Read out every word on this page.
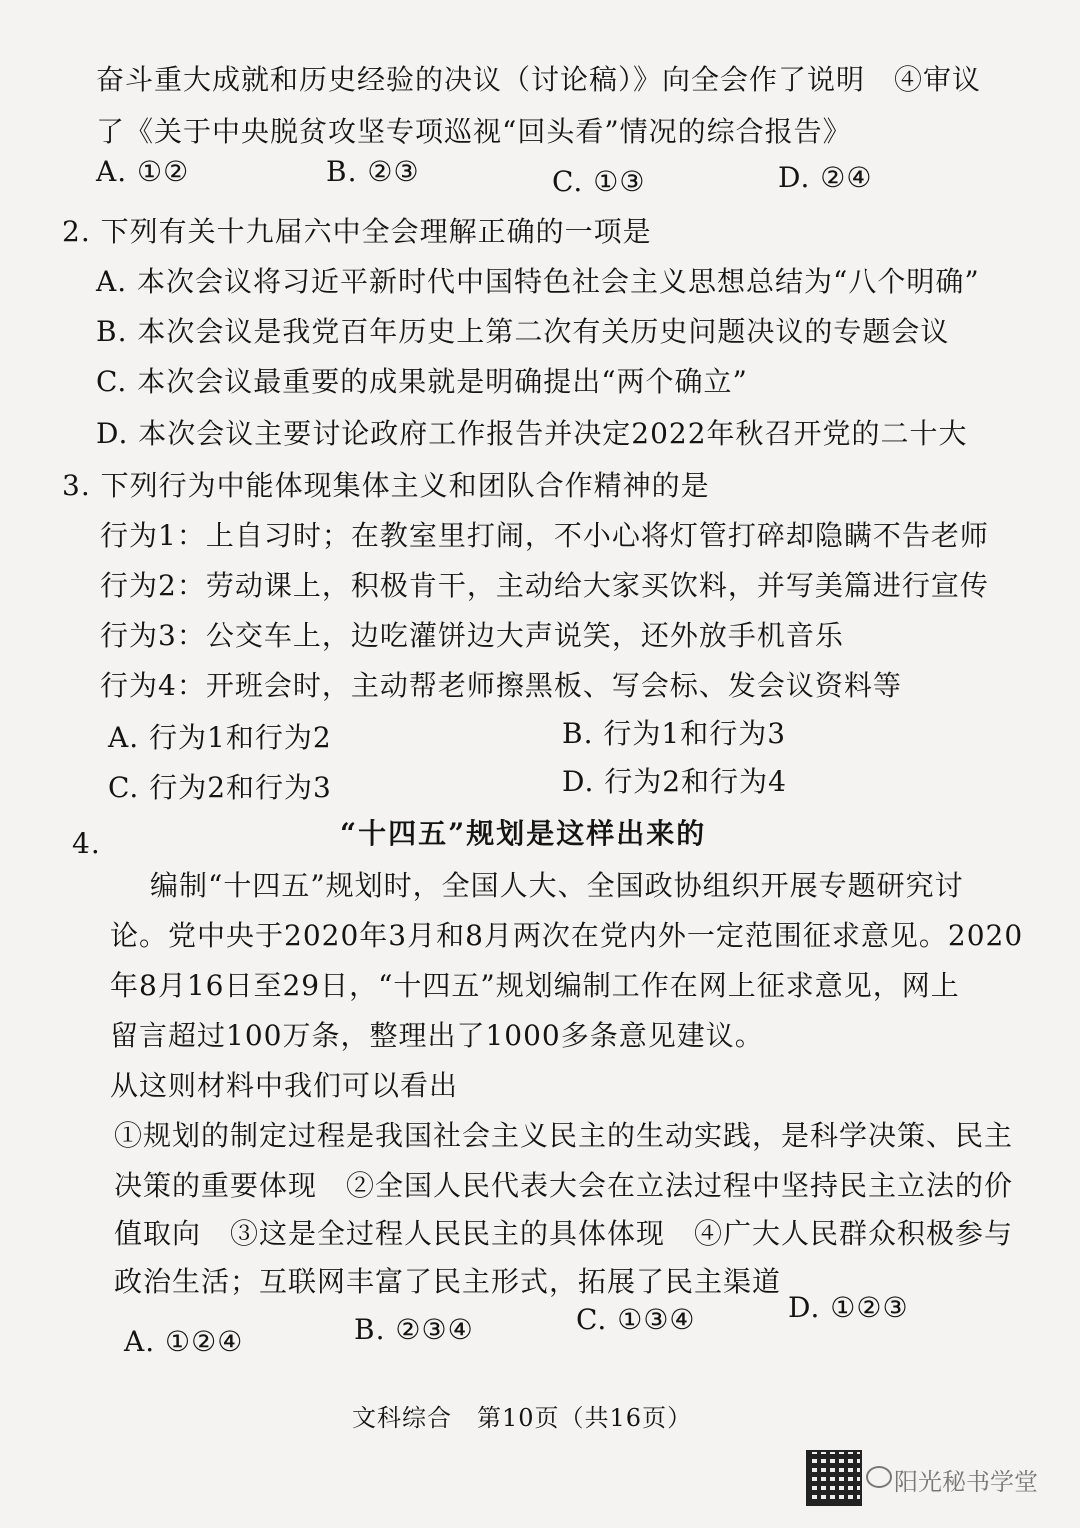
奋斗重大成就和历史经验的决议（讨论稿）》向全会作了说明　④审议
了《关于中央脱贫攻坚专项巡视“回头看”情况的综合报告》
A. ①②	B. ②③	C. ①③	D. ②④
2. 下列有关十九届六中全会理解正确的一项是
A. 本次会议将习近平新时代中国特色社会主义思想总结为“八个明确”
B. 本次会议是我党百年历史上第二次有关历史问题决议的专题会议
C. 本次会议最重要的成果就是明确提出“两个确立”
D. 本次会议主要讨论政府工作报告并决定2022年秋召开党的二十大
3. 下列行为中能体现集体主义和团队合作精神的是
行为1：上自习时；在教室里打闹，不小心将灯管打碎却隐瞒不告老师
行为2：劳动课上，积极肯干，主动给大家买饮料，并写美篇进行宣传
行为3：公交车上，边吃灌饼边大声说笑，还外放手机音乐
行为4：开班会时，主动帮老师擦黑板、写会标、发会议资料等
A. 行为1和行为2	B. 行为1和行为3
C. 行为2和行为3	D. 行为2和行为4
4.	“十四五”规划是这样出来的
编制“十四五”规划时，全国人大、全国政协组织开展专题研究讨
论。党中央于2020年3月和8月两次在党内外一定范围征求意见。2020
年8月16日至29日，“十四五”规划编制工作在网上征求意见，网上
留言超过100万条，整理出了1000多条意见建议。
从这则材料中我们可以看出
①规划的制定过程是我国社会主义民主的生动实践，是科学决策、民主
决策的重要体现　②全国人民代表大会在立法过程中坚持民主立法的价
值取向　③这是全过程人民民主的具体体现　④广大人民群众积极参与
政治生活；互联网丰富了民主形式，拓展了民主渠道
A. ①②④	B. ②③④	C. ①③④	D. ①②③
文科综合　第10页（共16页）
阳光秘书学堂
